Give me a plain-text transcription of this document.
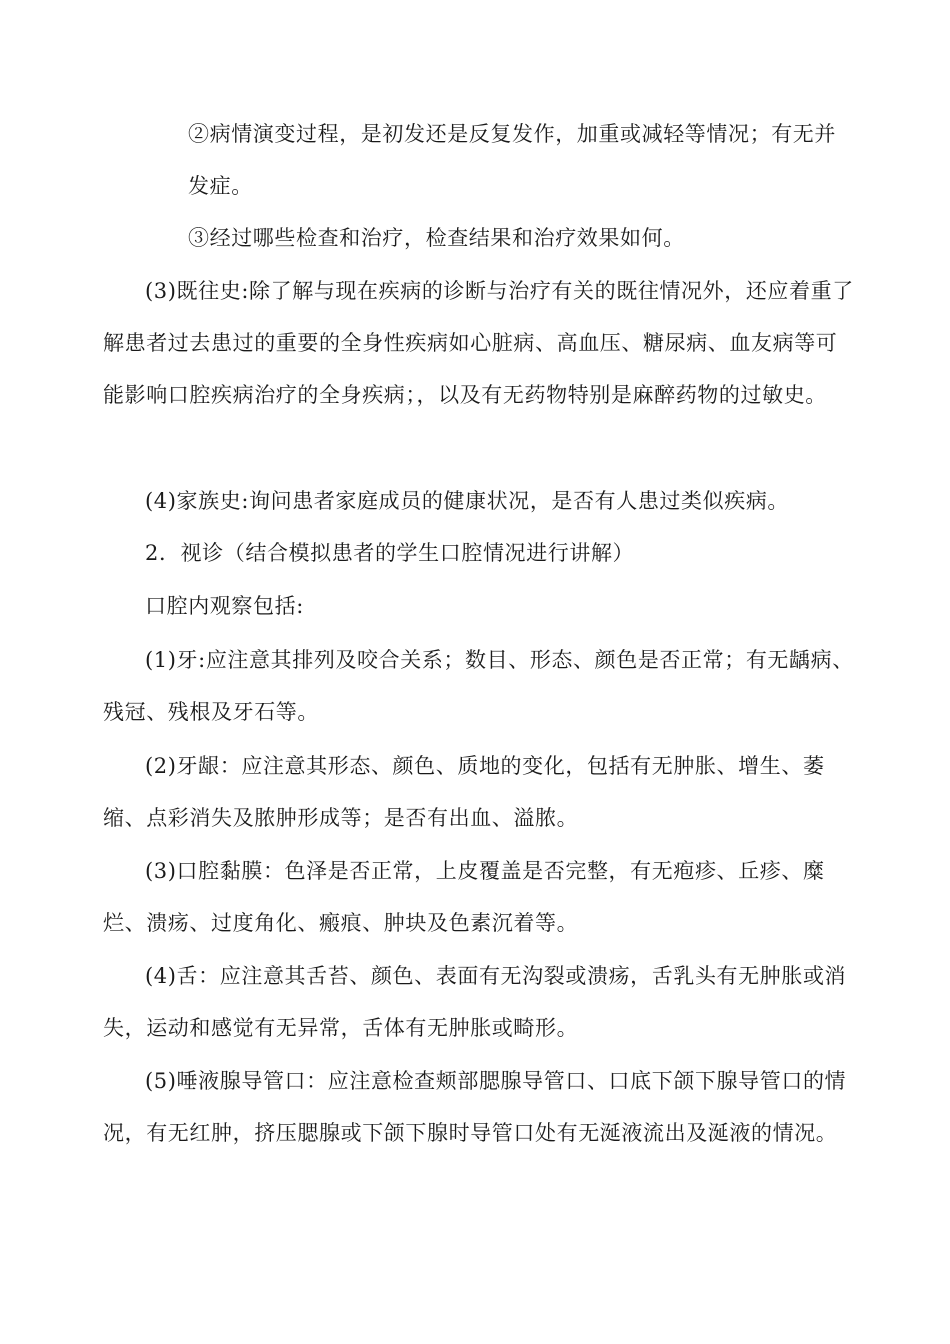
②病情演变过程，是初发还是反复发作，加重或减轻等情况；有无并发症。

③经过哪些检查和治疗，检查结果和治疗效果如何。

(3)既往史:除了解与现在疾病的诊断与治疗有关的既往情况外，还应着重了解患者过去患过的重要的全身性疾病如心脏病、高血压、糖尿病、血友病等可能影响口腔疾病治疗的全身疾病；，以及有无药物特别是麻醉药物的过敏史。

(4)家族史:询问患者家庭成员的健康状况，是否有人患过类似疾病。

2．视诊（结合模拟患者的学生口腔情况进行讲解）

口腔内观察包括:

(1)牙:应注意其排列及咬合关系；数目、形态、颜色是否正常；有无龋病、残冠、残根及牙石等。

(2)牙龈：应注意其形态、颜色、质地的变化，包括有无肿胀、增生、萎缩、点彩消失及脓肿形成等；是否有出血、溢脓。

(3)口腔黏膜：色泽是否正常，上皮覆盖是否完整，有无疱疹、丘疹、糜烂、溃疡、过度角化、瘢痕、肿块及色素沉着等。

(4)舌：应注意其舌苔、颜色、表面有无沟裂或溃疡，舌乳头有无肿胀或消失，运动和感觉有无异常，舌体有无肿胀或畸形。

(5)唾液腺导管口：应注意检查颊部腮腺导管口、口底下颌下腺导管口的情况，有无红肿，挤压腮腺或下颌下腺时导管口处有无涎液流出及涎液的情况。
